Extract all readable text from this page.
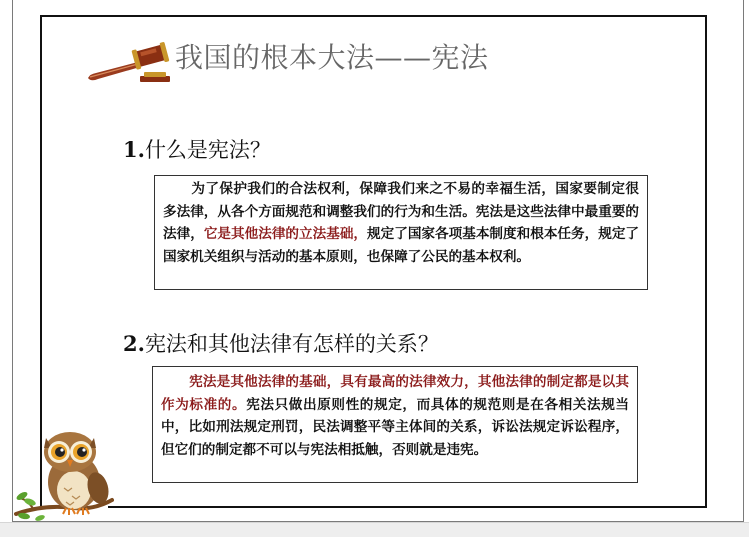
我国的根本大法——宪法
1.什么是宪法？
为了保护我们的合法权利，保障我们来之不易的幸福生活，国家要制定很多法律，从各个方面规范和调整我们的行为和生活。宪法是这些法律中最重要的法律，它是其他法律的立法基础，规定了国家各项基本制度和根本任务，规定了国家机关组织与活动的基本原则，也保障了公民的基本权利。
2.宪法和其他法律有怎样的关系？
宪法是其他法律的基础，具有最高的法律效力，其他法律的制定都是以其作为标准的。宪法只做出原则性的规定，而具体的规范则是在各相关法规当中，比如刑法规定刑罚，民法调整平等主体间的关系，诉讼法规定诉讼程序，但它们的制定都不可以与宪法相抵触，否则就是违宪。
